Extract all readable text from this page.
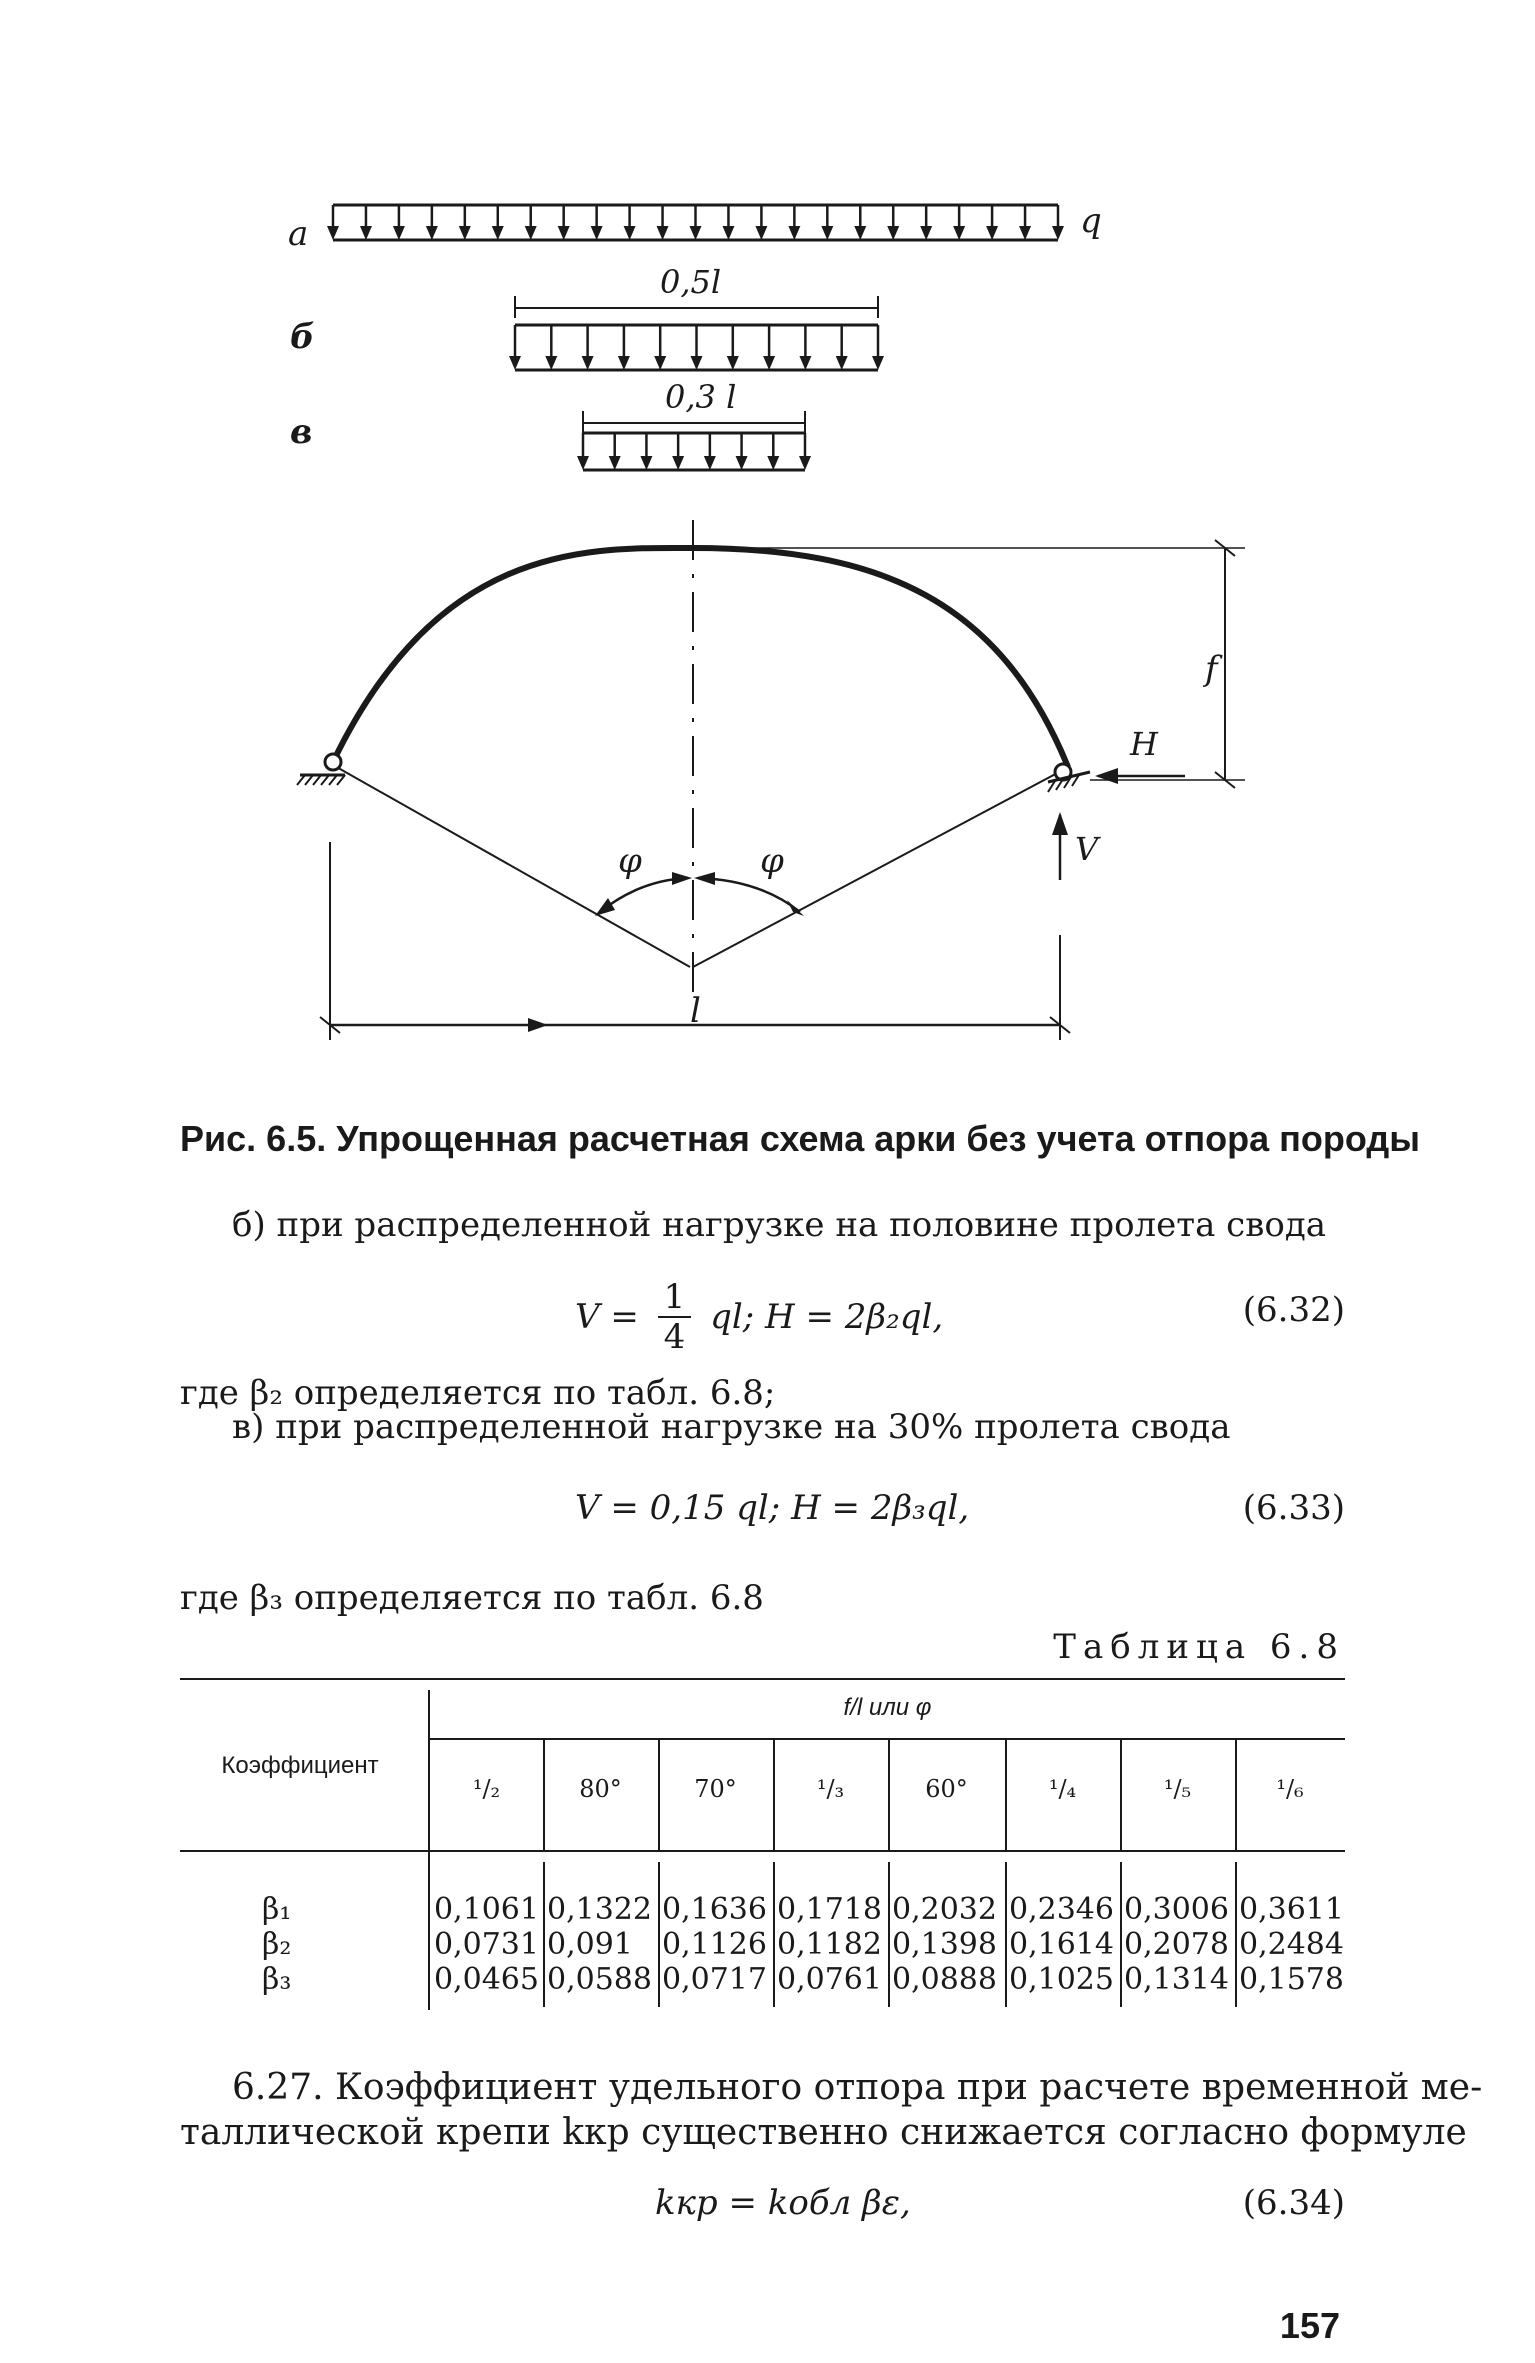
а
б
в
q
0,5l
0,3 l
f
H
V
φ	φ
l
Рис. 6.5. Упрощенная расчетная схема арки без учета отпора породы
б) при распределенной нагрузке на половине пролета свода
$V = \frac{1}{4}$ ql; H = 2β₂ql,	(6.32)
где β₂ определяется по табл. 6.8;
в) при распределенной нагрузке на 30% пролета свода
V = 0,15 ql; H = 2β₃ql,	(6.33)
где β₃ определяется по табл. 6.8
Таблица 6.8
Коэффициент
f/l или φ
¹/₂	80°	70°	¹/₃	60°	¹/₄	¹/₅	¹/₆
β₁	0,1061 0,1322 0,1636 0,1718 0,2032 0,2346 0,3006 0,3611
β₂	0,0731 0,091 0,1126 0,1182 0,1398 0,1614 0,2078 0,2484
β₃	0,0465 0,0588 0,0717 0,0761 0,0888 0,1025 0,1314 0,1578
6.27. Коэффициент удельного отпора при расчете временной ме-
таллической крепи kкр существенно снижается согласно формуле
kкр = kобл βε,	(6.34)
157
